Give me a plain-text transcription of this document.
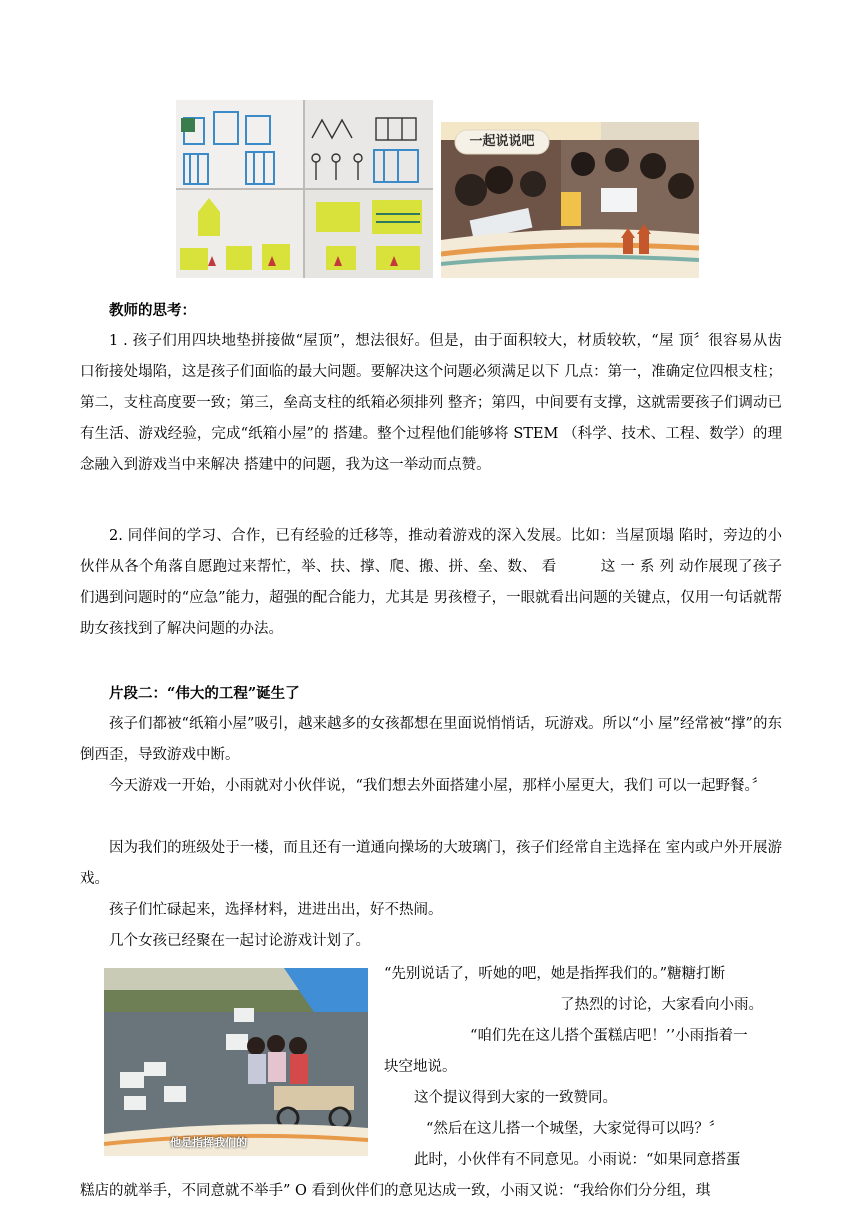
一起说说吧

教师的思考：

1 . 孩子们用四块地垫拼接做“屋顶”，想法很好。但是，由于面积较大，材质较软，“屋 顶〞很容易从齿口衔接处塌陷，这是孩子们面临的最大问题。要解决这个问题必须满足以下 几点：第一，准确定位四根支柱；第二，支柱高度要一致；第三，垒高支柱的纸箱必须排列 整齐；第四，中间要有支撑，这就需要孩子们调动已有生活、游戏经验，完成“纸箱小屋”的 搭建。整个过程他们能够将 STEM （科学、技术、工程、数学）的理念融入到游戏当中来解决 搭建中的问题，我为这一举动而点赞。

2. 同伴间的学习、合作，已有经验的迁移等，推动着游戏的深入发展。比如：当屋顶塌 陷时，旁边的小伙伴从各个角落自愿跑过来帮忙，举、扶、撑、爬、搬、拼、垒、数、 看　　　这 一 系 列 动作展现了孩子们遇到问题时的“应急”能力，超强的配合能力，尤其是 男孩橙子，一眼就看出问题的关键点，仅用一句话就帮助女孩找到了解决问题的办法。

片段二：“伟大的工程”诞生了

孩子们都被“纸箱小屋”吸引，越来越多的女孩都想在里面说悄悄话，玩游戏。所以“小 屋”经常被“撑”的东倒西歪，导致游戏中断。

今天游戏一开始，小雨就对小伙伴说，“我们想去外面搭建小屋，那样小屋更大，我们 可以一起野餐。〞

因为我们的班级处于一楼，而且还有一道通向操场的大玻璃门，孩子们经常自主选择在 室内或户外开展游戏。

孩子们忙碌起来，选择材料，进进出出，好不热闹。

几个女孩已经聚在一起讨论游戏计划了。

他是指挥我们的

“先别说话了，听她的吧，她是指挥我们的。”糖糖打断

了热烈的讨论，大家看向小雨。

“咱们先在这儿搭个蛋糕店吧！’’小雨指着一

块空地说。

这个提议得到大家的一致赞同。

“然后在这儿搭一个城堡，大家觉得可以吗？〞

此时，小伙伴有不同意见。小雨说：“如果同意搭蛋

糕店的就举手，不同意就不举手” O 看到伙伴们的意见达成一致，小雨又说：“我给你们分分组，琪
